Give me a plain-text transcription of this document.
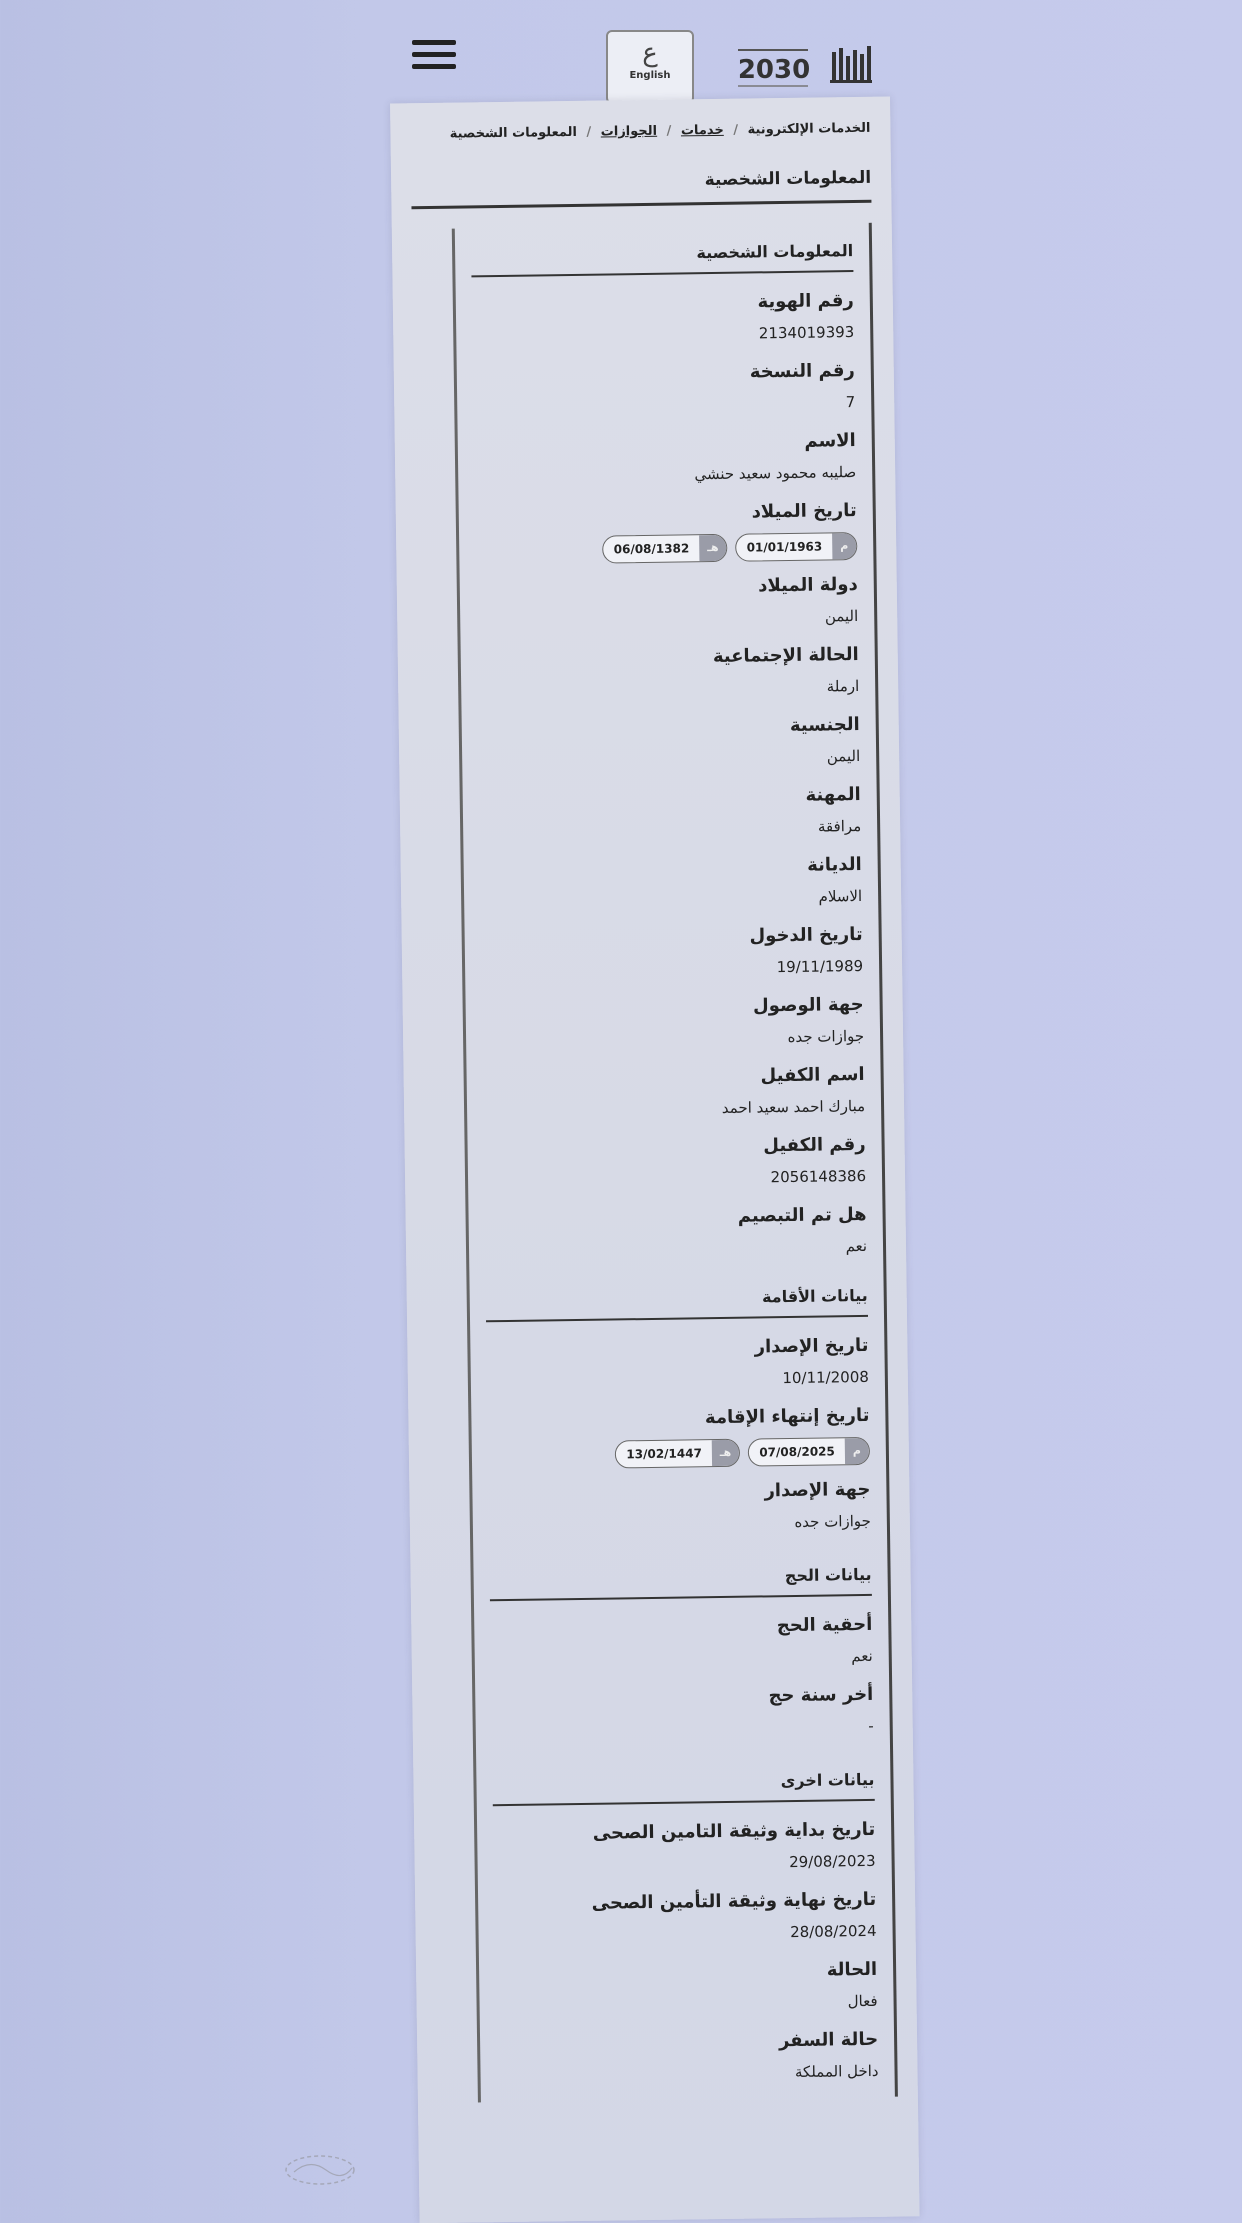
ع
English	2030
الخدمات الإلكترونية / خدمات / الجوازات / المعلومات الشخصية
المعلومات الشخصية
المعلومات الشخصية
رقم الهوية
2134019393
رقم النسخة
7
الاسم
صليبه محمود سعيد حنشي
تاريخ الميلاد
م
01/01/1963
هـ
06/08/1382
دولة الميلاد
اليمن
الحالة الإجتماعية
ارملة
الجنسية
اليمن
المهنة
مرافقة
الديانة
الاسلام
تاريخ الدخول
19/11/1989
جهة الوصول
جوازات جده
اسم الكفيل
مبارك احمد سعيد احمد
رقم الكفيل
2056148386
هل تم التبصيم
نعم
بيانات الأقامة
تاريخ الإصدار
10/11/2008
تاريخ إنتهاء الإقامة
م
07/08/2025
هـ
13/02/1447
جهة الإصدار
جوازات جده
بيانات الحج
أحقية الحج
نعم
أخر سنة حج
-
بيانات اخرى
تاريخ بداية وثيقة التامين الصحى
29/08/2023
تاريخ نهاية وثيقة التأمين الصحى
28/08/2024
الحالة
فعال
حالة السفر
داخل المملكة
